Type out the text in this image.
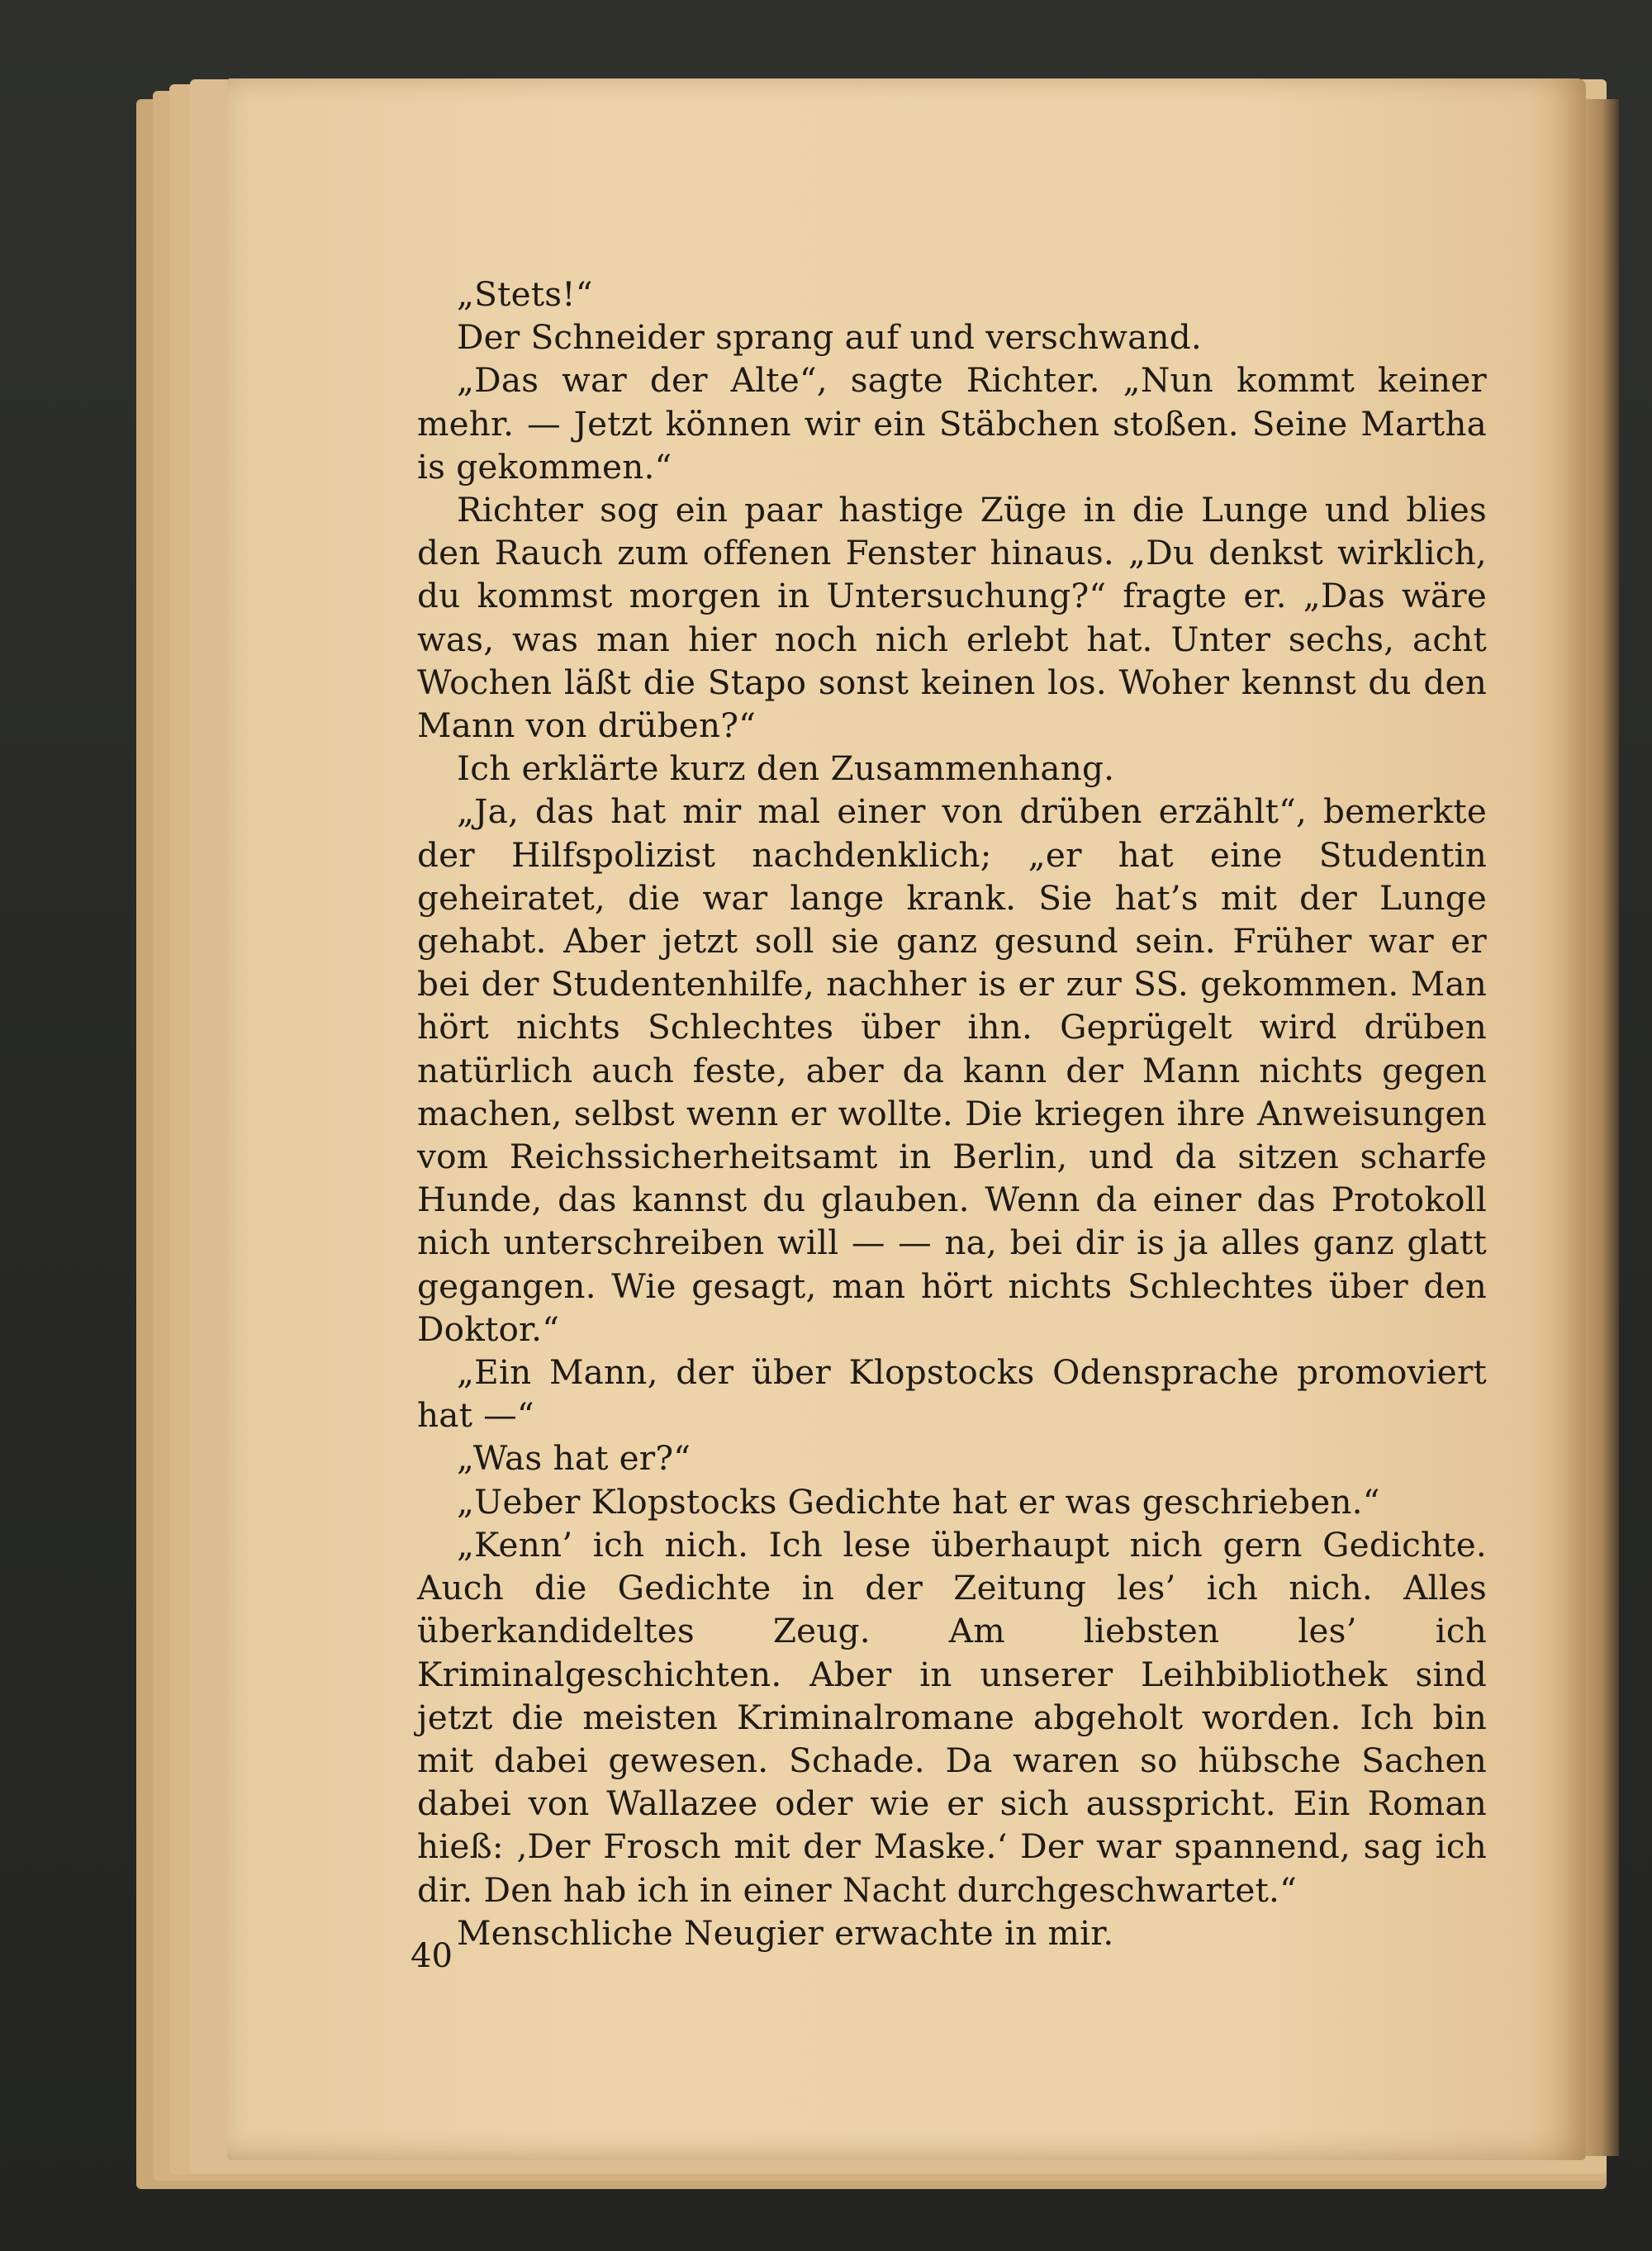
„Stets!“

Der Schneider sprang auf und verschwand.

„Das war der Alte“, sagte Richter. „Nun kommt keiner mehr. — Jetzt können wir ein Stäbchen stoßen. Seine Martha is gekommen.“

Richter sog ein paar hastige Züge in die Lunge und blies den Rauch zum offenen Fenster hinaus. „Du denkst wirklich, du kommst morgen in Untersuchung?“ fragte er. „Das wäre was, was man hier noch nich erlebt hat. Unter sechs, acht Wochen läßt die Stapo sonst keinen los. Woher kennst du den Mann von drüben?“

Ich erklärte kurz den Zusammenhang.

„Ja, das hat mir mal einer von drüben erzählt“, bemerkte der Hilfspolizist nachdenklich; „er hat eine Studentin geheiratet, die war lange krank. Sie hat’s mit der Lunge gehabt. Aber jetzt soll sie ganz gesund sein. Früher war er bei der Studentenhilfe, nachher is er zur SS. gekommen. Man hört nichts Schlechtes über ihn. Geprügelt wird drüben natürlich auch feste, aber da kann der Mann nichts gegen machen, selbst wenn er wollte. Die kriegen ihre Anweisungen vom Reichssicherheitsamt in Berlin, und da sitzen scharfe Hunde, das kannst du glauben. Wenn da einer das Protokoll nich unterschreiben will — — na, bei dir is ja alles ganz glatt gegangen. Wie gesagt, man hört nichts Schlechtes über den Doktor.“

„Ein Mann, der über Klopstocks Odensprache promoviert hat —“

„Was hat er?“

„Ueber Klopstocks Gedichte hat er was geschrieben.“

„Kenn’ ich nich. Ich lese überhaupt nich gern Gedichte. Auch die Gedichte in der Zeitung les’ ich nich. Alles überkandideltes Zeug. Am liebsten les’ ich Kriminalgeschichten. Aber in unserer Leihbibliothek sind jetzt die meisten Kriminalromane abgeholt worden. Ich bin mit dabei gewesen. Schade. Da waren so hübsche Sachen dabei von Wallazee oder wie er sich ausspricht. Ein Roman hieß: ‚Der Frosch mit der Maske.‘ Der war spannend, sag ich dir. Den hab ich in einer Nacht durchgeschwartet.“

Menschliche Neugier erwachte in mir.

40
